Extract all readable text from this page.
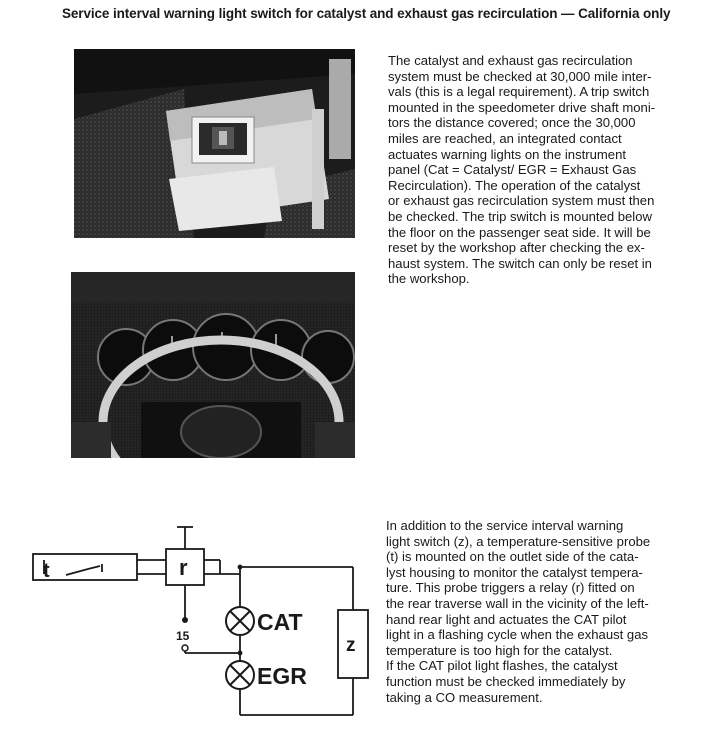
Service interval warning light switch for catalyst and exhaust gas recirculation — California only

The catalyst and exhaust gas recirculation
system must be checked at 30,000 mile inter-
vals (this is a legal requirement). A trip switch
mounted in the speedometer drive shaft moni-
tors the distance covered; once the 30,000
miles are reached, an integrated contact
actuates warning lights on the instrument
panel (Cat = Catalyst/ EGR = Exhaust Gas
Recirculation). The operation of the catalyst
or exhaust gas recirculation system must then
be checked. The trip switch is mounted below
the floor on the passenger seat side. It will be
reset by the workshop after checking the ex-
haust system. The switch can only be reset in
the workshop.

In addition to the service interval warning
light switch (z), a temperature-sensitive probe
(t) is mounted on the outlet side of the cata-
lyst housing to monitor the catalyst tempera-
ture. This probe triggers a relay (r) fitted on
the rear traverse wall in the vicinity of the left-
hand rear light and actuates the CAT pilot
light in a flashing cycle when the exhaust gas
temperature is too high for the catalyst.
If the CAT pilot light flashes, the catalyst
function must be checked immediately by
taking a CO measurement.

t	r
15	z
CAT
EGR
